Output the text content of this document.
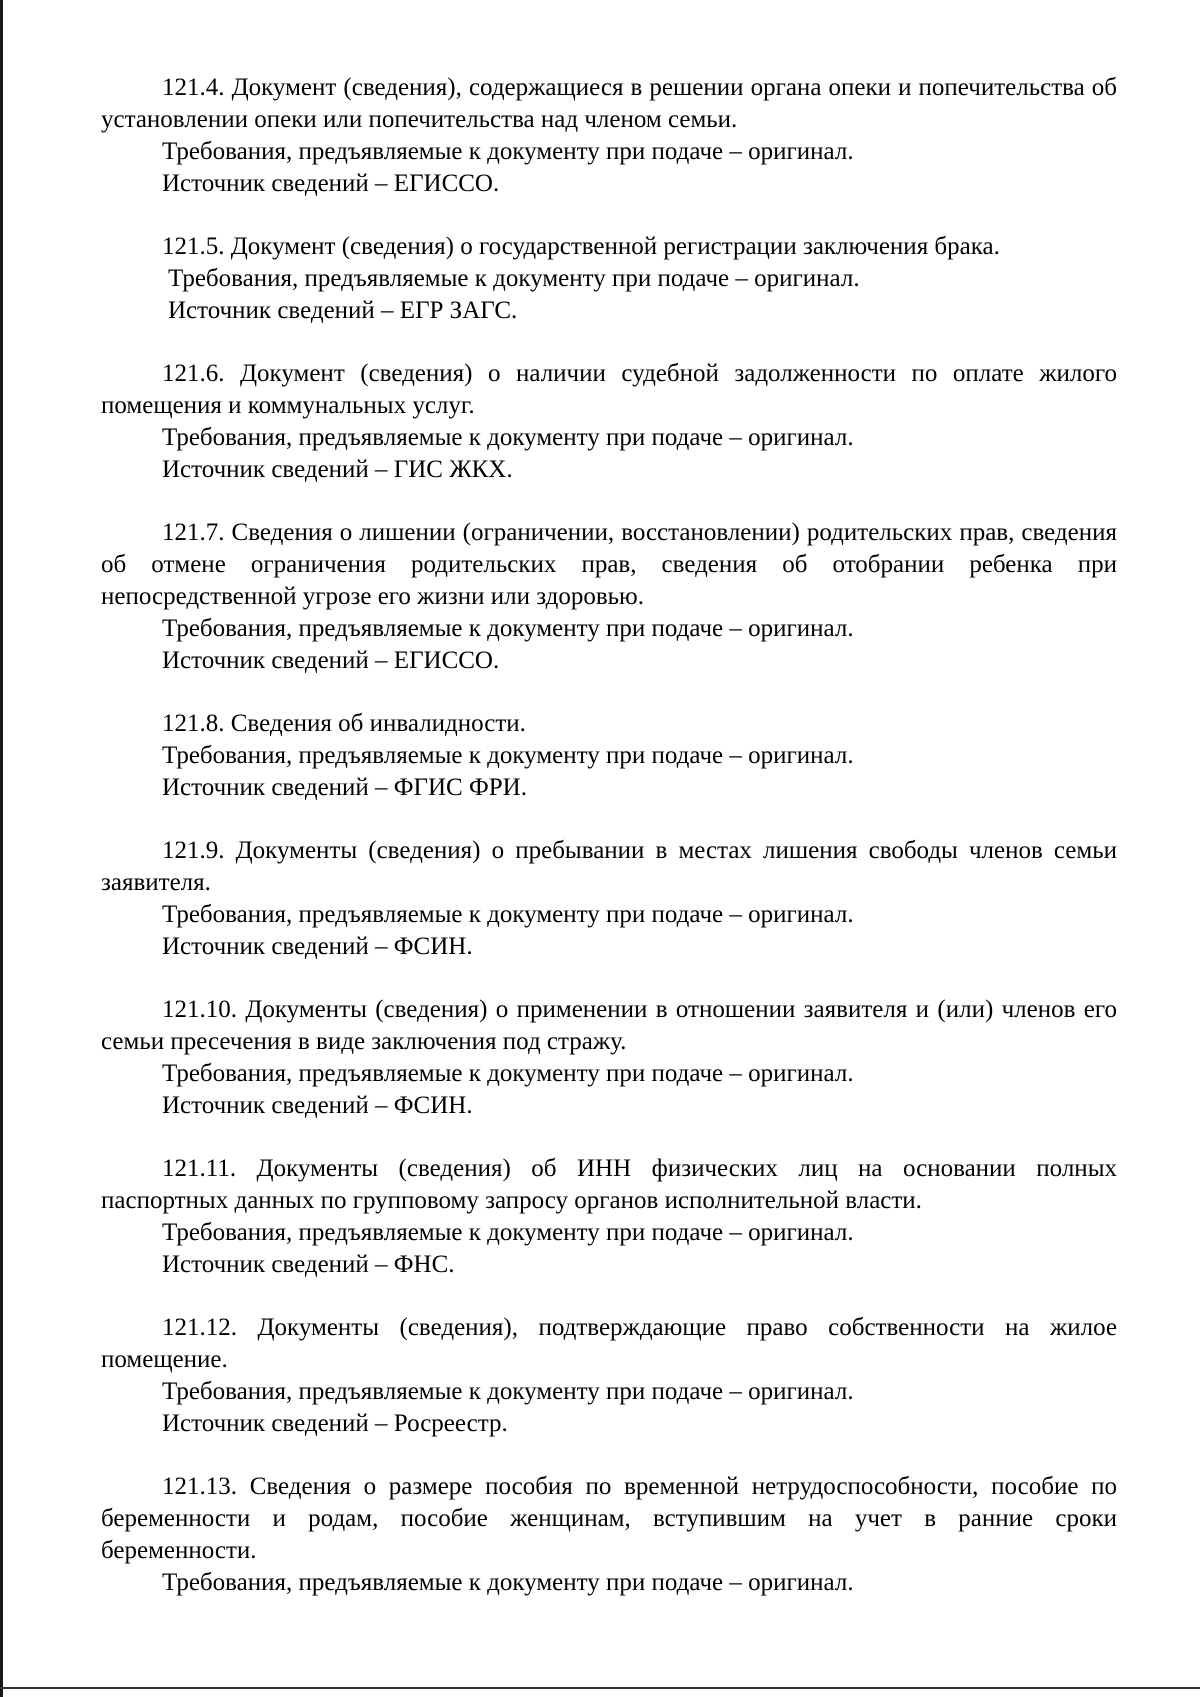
121.4. Документ (сведения), содержащиеся в решении органа опеки и попечительства об установлении опеки или попечительства над членом семьи.

Требования, предъявляемые к документу при подаче – оригинал.

Источник сведений – ЕГИССО.

121.5. Документ (сведения) о государственной регистрации заключения брака.

Требования, предъявляемые к документу при подаче – оригинал.

Источник сведений – ЕГР ЗАГС.

121.6. Документ (сведения) о наличии судебной задолженности по оплате жилого помещения и коммунальных услуг.

Требования, предъявляемые к документу при подаче – оригинал.

Источник сведений – ГИС ЖКХ.

121.7. Сведения о лишении (ограничении, восстановлении) родительских прав, сведения об отмене ограничения родительских прав, сведения об отобрании ребенка при непосредственной угрозе его жизни или здоровью.

Требования, предъявляемые к документу при подаче – оригинал.

Источник сведений – ЕГИССО.

121.8. Сведения об инвалидности.

Требования, предъявляемые к документу при подаче – оригинал.

Источник сведений – ФГИС ФРИ.

121.9. Документы (сведения) о пребывании в местах лишения свободы членов семьи заявителя.

Требования, предъявляемые к документу при подаче – оригинал.

Источник сведений – ФСИН.

121.10. Документы (сведения) о применении в отношении заявителя и (или) членов его семьи пресечения в виде заключения под стражу.

Требования, предъявляемые к документу при подаче – оригинал.

Источник сведений – ФСИН.

121.11. Документы (сведения) об ИНН физических лиц на основании полных паспортных данных по групповому запросу органов исполнительной власти.

Требования, предъявляемые к документу при подаче – оригинал.

Источник сведений – ФНС.

121.12. Документы (сведения), подтверждающие право собственности на жилое помещение.

Требования, предъявляемые к документу при подаче – оригинал.

Источник сведений – Росреестр.

121.13. Сведения о размере пособия по временной нетрудоспособности, пособие по беременности и родам, пособие женщинам, вступившим на учет в ранние сроки беременности.

Требования, предъявляемые к документу при подаче – оригинал.
